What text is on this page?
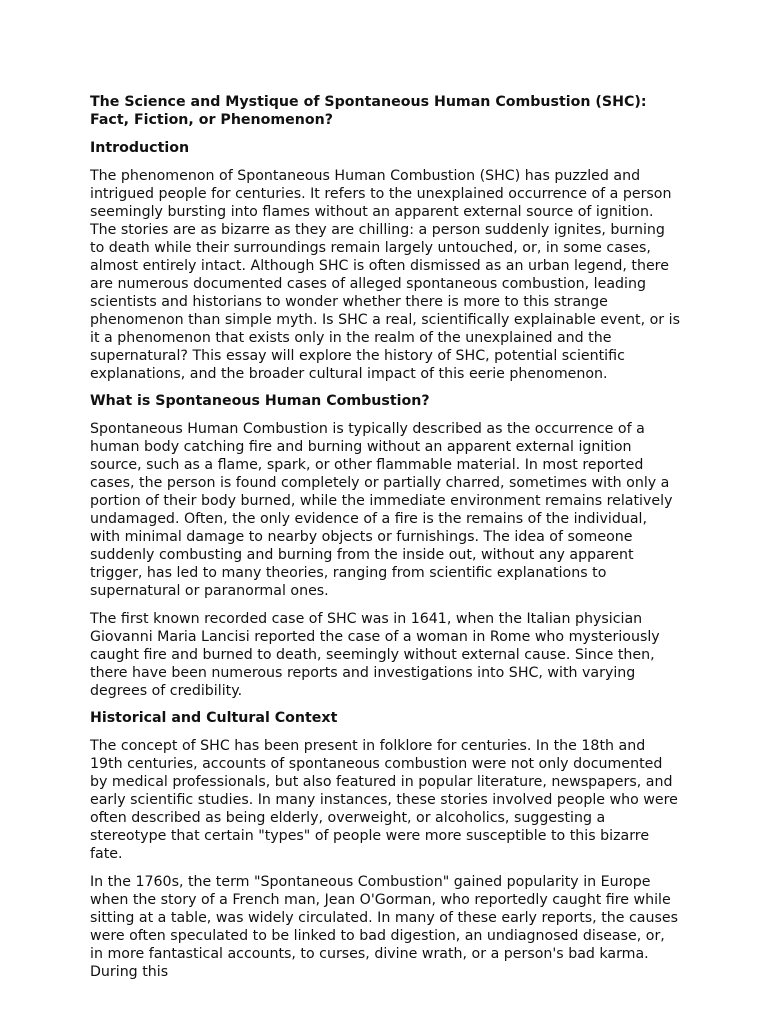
The Science and Mystique of Spontaneous Human Combustion (SHC): Fact, Fiction, or Phenomenon?
Introduction

The phenomenon of Spontaneous Human Combustion (SHC) has puzzled and intrigued people for centuries. It refers to the unexplained occurrence of a person seemingly bursting into flames without an apparent external source of ignition. The stories are as bizarre as they are chilling: a person suddenly ignites, burning to death while their surroundings remain largely untouched, or, in some cases, almost entirely intact. Although SHC is often dismissed as an urban legend, there are numerous documented cases of alleged spontaneous combustion, leading scientists and historians to wonder whether there is more to this strange phenomenon than simple myth. Is SHC a real, scientifically explainable event, or is it a phenomenon that exists only in the realm of the unexplained and the supernatural? This essay will explore the history of SHC, potential scientific explanations, and the broader cultural impact of this eerie phenomenon.

What is Spontaneous Human Combustion?

Spontaneous Human Combustion is typically described as the occurrence of a human body catching fire and burning without an apparent external ignition source, such as a flame, spark, or other flammable material. In most reported cases, the person is found completely or partially charred, sometimes with only a portion of their body burned, while the immediate environment remains relatively undamaged. Often, the only evidence of a fire is the remains of the individual, with minimal damage to nearby objects or furnishings. The idea of someone suddenly combusting and burning from the inside out, without any apparent trigger, has led to many theories, ranging from scientific explanations to supernatural or paranormal ones.

The first known recorded case of SHC was in 1641, when the Italian physician Giovanni Maria Lancisi reported the case of a woman in Rome who mysteriously caught fire and burned to death, seemingly without external cause. Since then, there have been numerous reports and investigations into SHC, with varying degrees of credibility.

Historical and Cultural Context

The concept of SHC has been present in folklore for centuries. In the 18th and 19th centuries, accounts of spontaneous combustion were not only documented by medical professionals, but also featured in popular literature, newspapers, and early scientific studies. In many instances, these stories involved people who were often described as being elderly, overweight, or alcoholics, suggesting a stereotype that certain "types" of people were more susceptible to this bizarre fate.

In the 1760s, the term "Spontaneous Combustion" gained popularity in Europe when the story of a French man, Jean O'Gorman, who reportedly caught fire while sitting at a table, was widely circulated. In many of these early reports, the causes were often speculated to be linked to bad digestion, an undiagnosed disease, or, in more fantastical accounts, to curses, divine wrath, or a person's bad karma. During this
